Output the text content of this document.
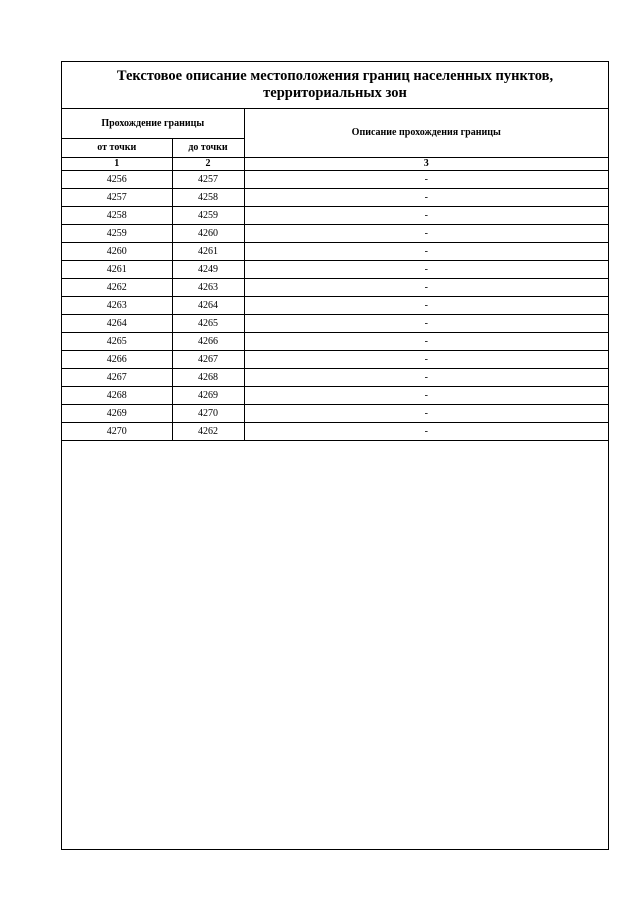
Текстовое описание местоположения границ населенных пунктов, территориальных зон
Прохождение границы		Описание прохождения границы
от точки	до точки	
1	2	3
4256	4257	-
4257	4258	-
4258	4259	-
4259	4260	-
4260	4261	-
4261	4249	-
4262	4263	-
4263	4264	-
4264	4265	-
4265	4266	-
4266	4267	-
4267	4268	-
4268	4269	-
4269	4270	-
4270	4262	-
